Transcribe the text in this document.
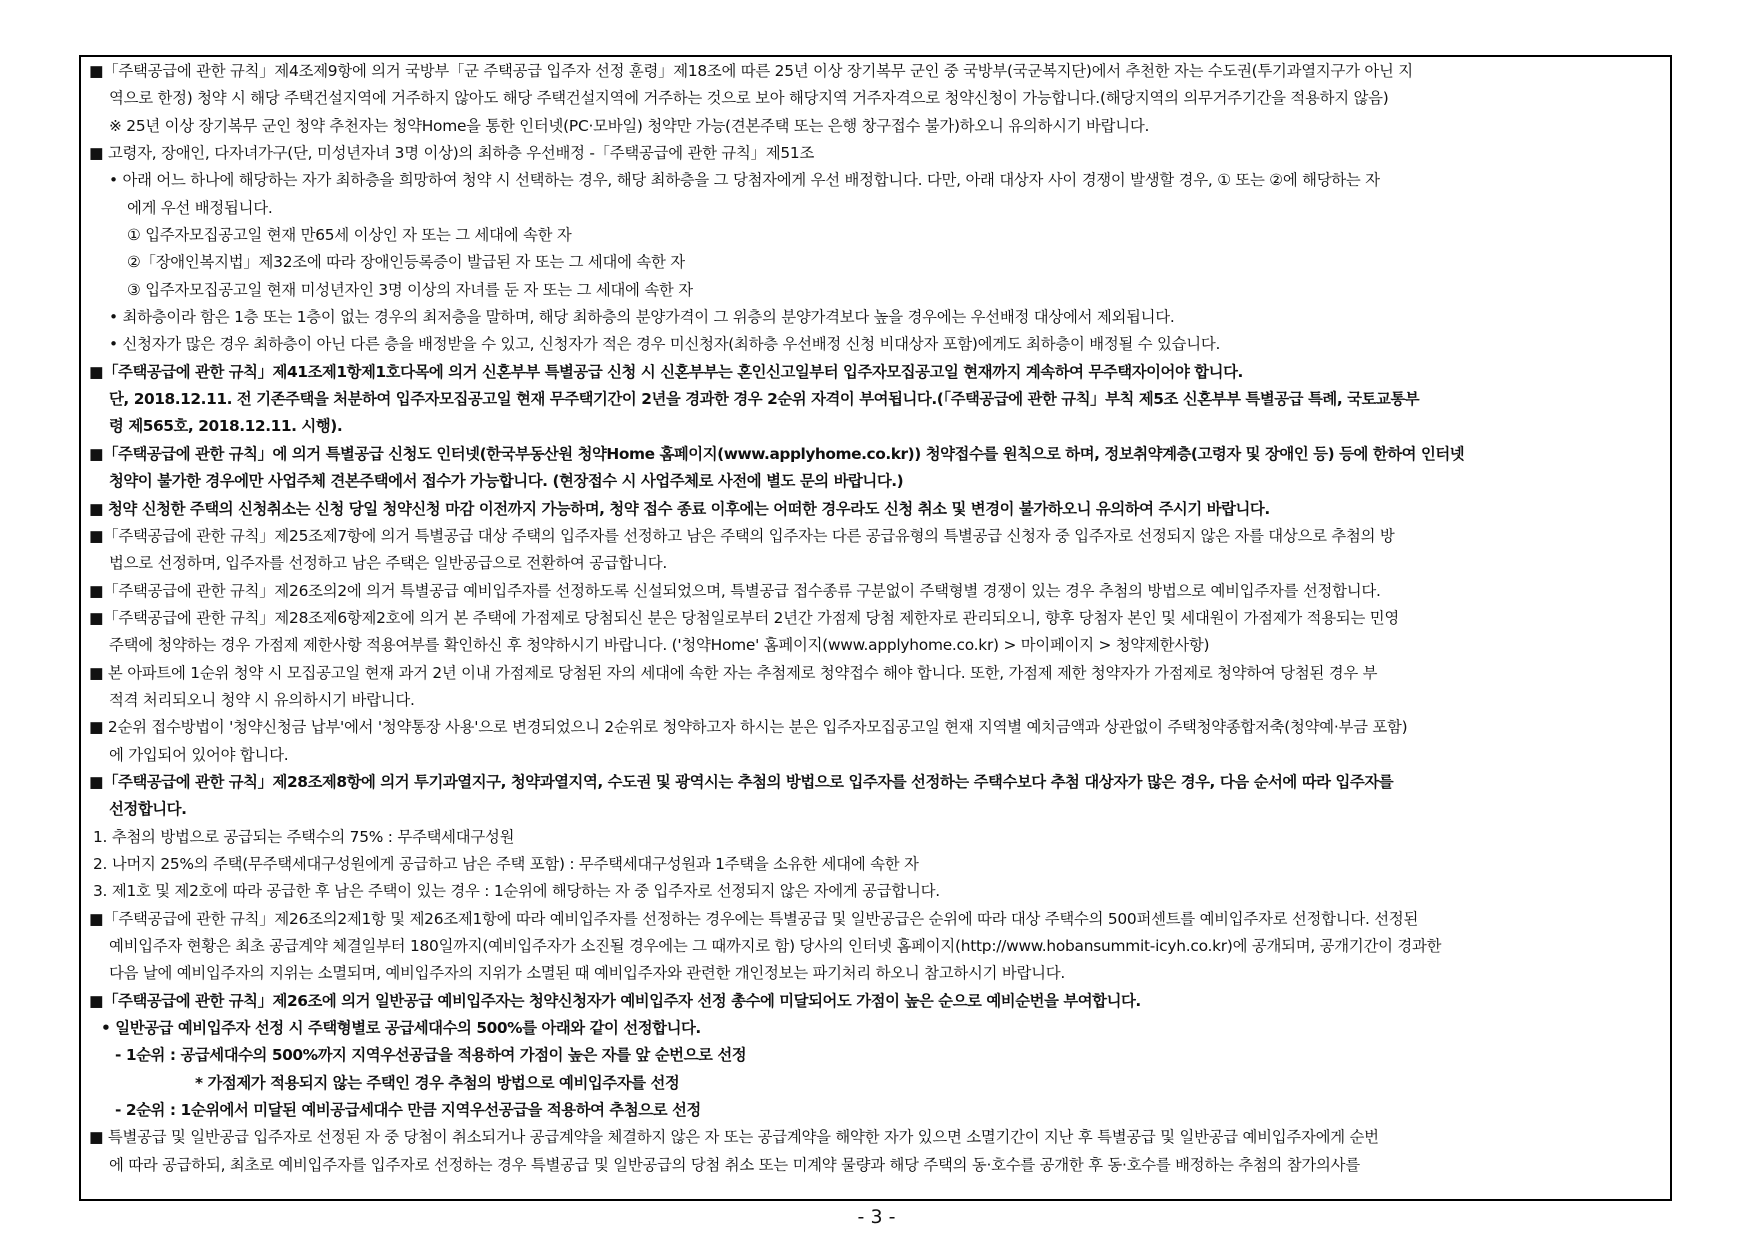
■「주택공급에 관한 규칙」제4조제9항에 의거 국방부「군 주택공급 입주자 선정 훈령」제18조에 따른 25년 이상 장기복무 군인 중 국방부(국군복지단)에서 추천한 자는 수도권(투기과열지구가 아닌 지
역으로 한정) 청약 시 해당 주택건설지역에 거주하지 않아도 해당 주택건설지역에 거주하는 것으로 보아 해당지역 거주자격으로 청약신청이 가능합니다.(해당지역의 의무거주기간을 적용하지 않음)
※ 25년 이상 장기복무 군인 청약 추천자는 청약Home을 통한 인터넷(PC·모바일) 청약만 가능(견본주택 또는 은행 창구접수 불가)하오니 유의하시기 바랍니다.
■ 고령자, 장애인, 다자녀가구(단, 미성년자녀 3명 이상)의 최하층 우선배정 -「주택공급에 관한 규칙」제51조
• 아래 어느 하나에 해당하는 자가 최하층을 희망하여 청약 시 선택하는 경우, 해당 최하층을 그 당첨자에게 우선 배정합니다. 다만, 아래 대상자 사이 경쟁이 발생할 경우, ① 또는 ②에 해당하는 자
에게 우선 배정됩니다.
① 입주자모집공고일 현재 만65세 이상인 자 또는 그 세대에 속한 자
②「장애인복지법」제32조에 따라 장애인등록증이 발급된 자 또는 그 세대에 속한 자
③ 입주자모집공고일 현재 미성년자인 3명 이상의 자녀를 둔 자 또는 그 세대에 속한 자
• 최하층이라 함은 1층 또는 1층이 없는 경우의 최저층을 말하며, 해당 최하층의 분양가격이 그 위층의 분양가격보다 높을 경우에는 우선배정 대상에서 제외됩니다.
• 신청자가 많은 경우 최하층이 아닌 다른 층을 배정받을 수 있고, 신청자가 적은 경우 미신청자(최하층 우선배정 신청 비대상자 포함)에게도 최하층이 배정될 수 있습니다.
■「주택공급에 관한 규칙」제41조제1항제1호다목에 의거 신혼부부 특별공급 신청 시 신혼부부는 혼인신고일부터 입주자모집공고일 현재까지 계속하여 무주택자이어야 합니다.
단, 2018.12.11. 전 기존주택을 처분하여 입주자모집공고일 현재 무주택기간이 2년을 경과한 경우 2순위 자격이 부여됩니다.(「주택공급에 관한 규칙」부칙 제5조 신혼부부 특별공급 특례, 국토교통부
령 제565호, 2018.12.11. 시행).
■「주택공급에 관한 규칙」에 의거 특별공급 신청도 인터넷(한국부동산원 청약Home 홈페이지(www.applyhome.co.kr)) 청약접수를 원칙으로 하며, 정보취약계층(고령자 및 장애인 등) 등에 한하여 인터넷
청약이 불가한 경우에만 사업주체 견본주택에서 접수가 가능합니다. (현장접수 시 사업주체로 사전에 별도 문의 바랍니다.)
■ 청약 신청한 주택의 신청취소는 신청 당일 청약신청 마감 이전까지 가능하며, 청약 접수 종료 이후에는 어떠한 경우라도 신청 취소 및 변경이 불가하오니 유의하여 주시기 바랍니다.
■「주택공급에 관한 규칙」제25조제7항에 의거 특별공급 대상 주택의 입주자를 선정하고 남은 주택의 입주자는 다른 공급유형의 특별공급 신청자 중 입주자로 선정되지 않은 자를 대상으로 추첨의 방
법으로 선정하며, 입주자를 선정하고 남은 주택은 일반공급으로 전환하여 공급합니다.
■「주택공급에 관한 규칙」제26조의2에 의거 특별공급 예비입주자를 선정하도록 신설되었으며, 특별공급 접수종류 구분없이 주택형별 경쟁이 있는 경우 추첨의 방법으로 예비입주자를 선정합니다.
■「주택공급에 관한 규칙」제28조제6항제2호에 의거 본 주택에 가점제로 당첨되신 분은 당첨일로부터 2년간 가점제 당첨 제한자로 관리되오니, 향후 당첨자 본인 및 세대원이 가점제가 적용되는 민영
주택에 청약하는 경우 가점제 제한사항 적용여부를 확인하신 후 청약하시기 바랍니다. ('청약Home' 홈페이지(www.applyhome.co.kr) > 마이페이지 > 청약제한사항)
■ 본 아파트에 1순위 청약 시 모집공고일 현재 과거 2년 이내 가점제로 당첨된 자의 세대에 속한 자는 추첨제로 청약접수 해야 합니다. 또한, 가점제 제한 청약자가 가점제로 청약하여 당첨된 경우 부
적격 처리되오니 청약 시 유의하시기 바랍니다.
■ 2순위 접수방법이 '청약신청금 납부'에서 '청약통장 사용'으로 변경되었으니 2순위로 청약하고자 하시는 분은 입주자모집공고일 현재 지역별 예치금액과 상관없이 주택청약종합저축(청약예·부금 포함)
에 가입되어 있어야 합니다.
■「주택공급에 관한 규칙」제28조제8항에 의거 투기과열지구, 청약과열지역, 수도권 및 광역시는 추첨의 방법으로 입주자를 선정하는 주택수보다 추첨 대상자가 많은 경우, 다음 순서에 따라 입주자를
선정합니다.
1. 추첨의 방법으로 공급되는 주택수의 75% : 무주택세대구성원
2. 나머지 25%의 주택(무주택세대구성원에게 공급하고 남은 주택 포함) : 무주택세대구성원과 1주택을 소유한 세대에 속한 자
3. 제1호 및 제2호에 따라 공급한 후 남은 주택이 있는 경우 : 1순위에 해당하는 자 중 입주자로 선정되지 않은 자에게 공급합니다.
■「주택공급에 관한 규칙」제26조의2제1항 및 제26조제1항에 따라 예비입주자를 선정하는 경우에는 특별공급 및 일반공급은 순위에 따라 대상 주택수의 500퍼센트를 예비입주자로 선정합니다. 선정된
예비입주자 현황은 최초 공급계약 체결일부터 180일까지(예비입주자가 소진될 경우에는 그 때까지로 함) 당사의 인터넷 홈페이지(http://www.hobansummit-icyh.co.kr)에 공개되며, 공개기간이 경과한
다음 날에 예비입주자의 지위는 소멸되며, 예비입주자의 지위가 소멸된 때 예비입주자와 관련한 개인정보는 파기처리 하오니 참고하시기 바랍니다.
■「주택공급에 관한 규칙」제26조에 의거 일반공급 예비입주자는 청약신청자가 예비입주자 선정 총수에 미달되어도 가점이 높은 순으로 예비순번을 부여합니다.
• 일반공급 예비입주자 선정 시 주택형별로 공급세대수의 500%를 아래와 같이 선정합니다.
- 1순위 : 공급세대수의 500%까지 지역우선공급을 적용하여 가점이 높은 자를 앞 순번으로 선정
* 가점제가 적용되지 않는 주택인 경우 추첨의 방법으로 예비입주자를 선정
- 2순위 : 1순위에서 미달된 예비공급세대수 만큼 지역우선공급을 적용하여 추첨으로 선정
■ 특별공급 및 일반공급 입주자로 선정된 자 중 당첨이 취소되거나 공급계약을 체결하지 않은 자 또는 공급계약을 해약한 자가 있으면 소멸기간이 지난 후 특별공급 및 일반공급 예비입주자에게 순번
에 따라 공급하되, 최초로 예비입주자를 입주자로 선정하는 경우 특별공급 및 일반공급의 당첨 취소 또는 미계약 물량과 해당 주택의 동·호수를 공개한 후 동·호수를 배정하는 추첨의 참가의사를
- 3 -
